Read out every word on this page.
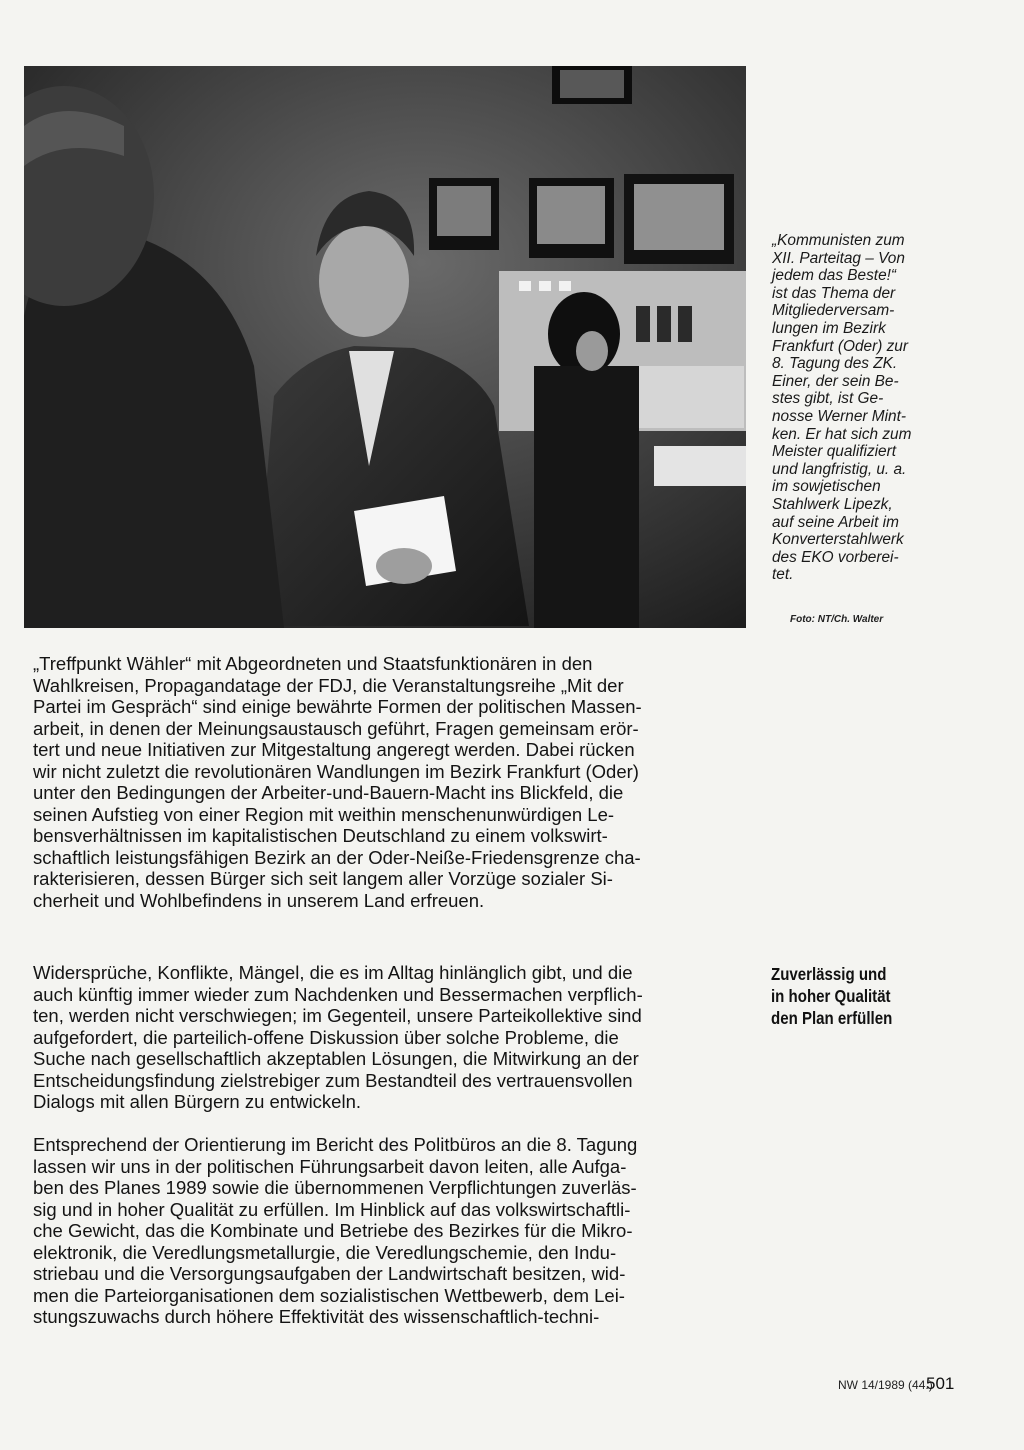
„Kommunisten zum
XII. Parteitag – Von
jedem das Beste!“
ist das Thema der
Mitgliederversam-
lungen im Bezirk
Frankfurt (Oder) zur
8. Tagung des ZK.
Einer, der sein Be-
stes gibt, ist Ge-
nosse Werner Mint-
ken. Er hat sich zum
Meister qualifiziert
und langfristig, u. a.
im sowjetischen
Stahlwerk Lipezk,
auf seine Arbeit im
Konverterstahlwerk
des EKO vorberei-
tet.

Foto: NT/Ch. Walter

„Treffpunkt Wähler“ mit Abgeordneten und Staatsfunktionären in den
Wahlkreisen, Propagandatage der FDJ, die Veranstaltungsreihe „Mit der
Partei im Gespräch“ sind einige bewährte Formen der politischen Massen-
arbeit, in denen der Meinungsaustausch geführt, Fragen gemeinsam erör-
tert und neue Initiativen zur Mitgestaltung angeregt werden. Dabei rücken
wir nicht zuletzt die revolutionären Wandlungen im Bezirk Frankfurt (Oder)
unter den Bedingungen der Arbeiter-und-Bauern-Macht ins Blickfeld, die
seinen Aufstieg von einer Region mit weithin menschenunwürdigen Le-
bensverhältnissen im kapitalistischen Deutschland zu einem volkswirt-
schaftlich leistungsfähigen Bezirk an der Oder-Neiße-Friedensgrenze cha-
rakterisieren, dessen Bürger sich seit langem aller Vorzüge sozialer Si-
cherheit und Wohlbefindens in unserem Land erfreuen.

Widersprüche, Konflikte, Mängel, die es im Alltag hinlänglich gibt, und die
auch künftig immer wieder zum Nachdenken und Bessermachen verpflich-
ten, werden nicht verschwiegen; im Gegenteil, unsere Parteikollektive sind
aufgefordert, die parteilich-offene Diskussion über solche Probleme, die
Suche nach gesellschaftlich akzeptablen Lösungen, die Mitwirkung an der
Entscheidungsfindung zielstrebiger zum Bestandteil des vertrauensvollen
Dialogs mit allen Bürgern zu entwickeln.

Entsprechend der Orientierung im Bericht des Politbüros an die 8. Tagung
lassen wir uns in der politischen Führungsarbeit davon leiten, alle Aufga-
ben des Planes 1989 sowie die übernommenen Verpflichtungen zuverläs-
sig und in hoher Qualität zu erfüllen. Im Hinblick auf das volkswirtschaftli-
che Gewicht, das die Kombinate und Betriebe des Bezirkes für die Mikro-
elektronik, die Veredlungsmetallurgie, die Veredlungschemie, den Indu-
striebau und die Versorgungsaufgaben der Landwirtschaft besitzen, wid-
men die Parteiorganisationen dem sozialistischen Wettbewerb, dem Lei-
stungszuwachs durch höhere Effektivität des wissenschaftlich-techni-

Zuverlässig und
in hoher Qualität
den Plan erfüllen
NW 14/1989 (44.)
501
